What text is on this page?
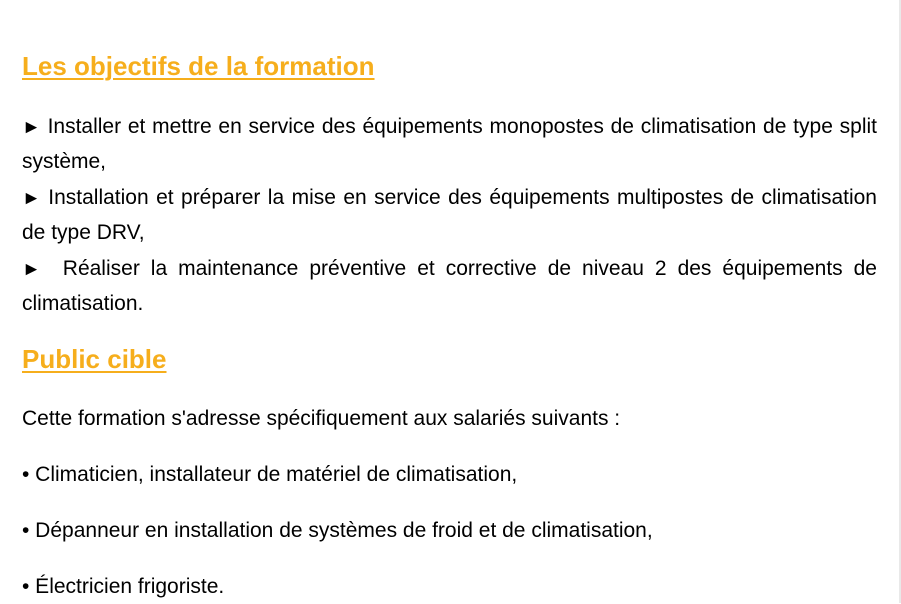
Les objectifs de la formation

► Installer et mettre en service des équipements monopostes de climatisation de type split système,

► Installation et préparer la mise en service des équipements multipostes de climatisation de type DRV,

► Réaliser la maintenance préventive et corrective de niveau 2 des équipements de climatisation.

Public cible

Cette formation s'adresse spécifiquement aux salariés suivants :

• Climaticien, installateur de matériel de climatisation,

• Dépanneur en installation de systèmes de froid et de climatisation,

• Électricien frigoriste.
